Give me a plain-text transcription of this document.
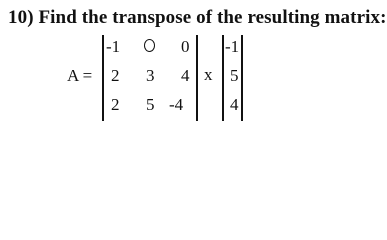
10) Find the transpose of the resulting matrix:
A =
-1	0
2 3 4
2 5 -4
x
-1
5
4
